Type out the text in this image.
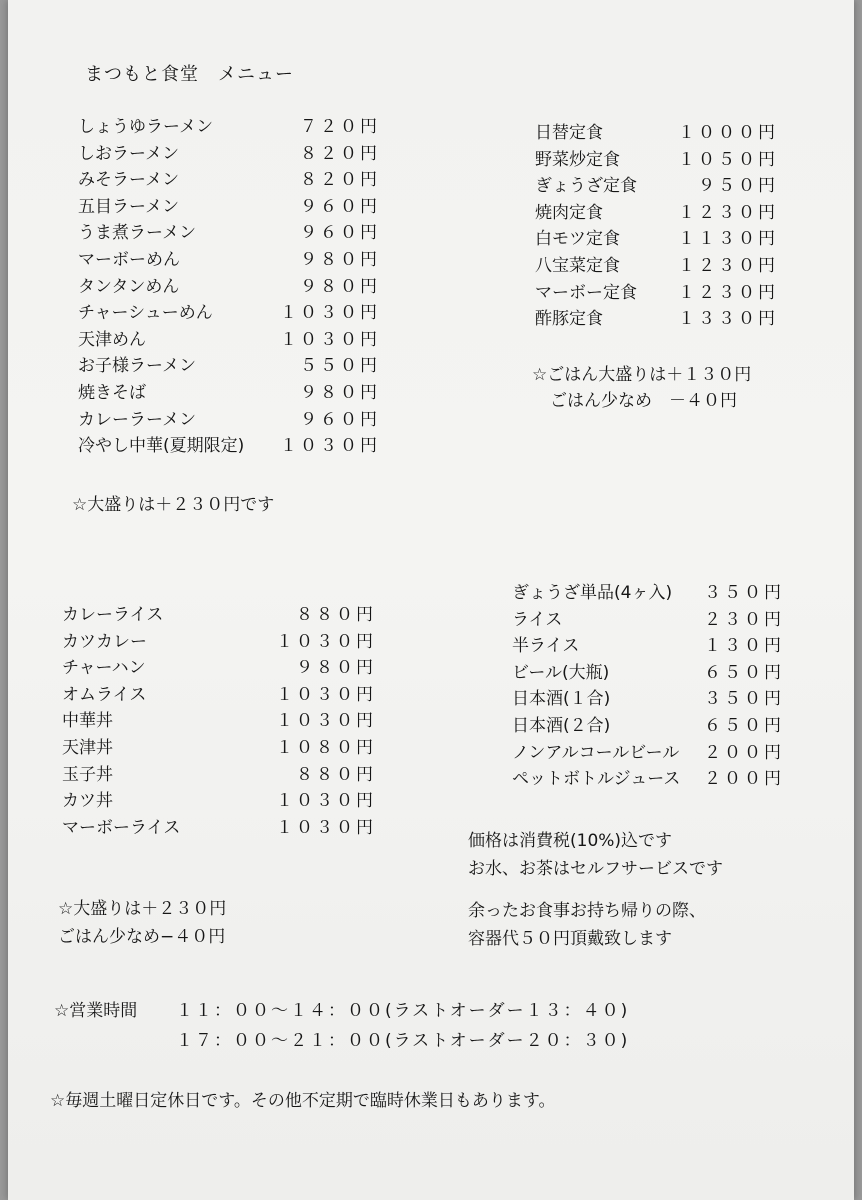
まつもと食堂　メニュー
しょうゆラーメン	７２０円
しおラーメン	８２０円
みそラーメン	８２０円
五目ラーメン	９６０円
うま煮ラーメン	９６０円
マーボーめん	９８０円
タンタンめん	９８０円
チャーシューめん	１０３０円
天津めん	１０３０円
お子様ラーメン	５５０円
焼きそば	９８０円
カレーラーメン	９６０円
冷やし中華(夏期限定) １０３０円
☆大盛りは＋２３０円です
日替定食	１０００円
野菜炒定食	１０５０円
ぎょうざ定食	９５０円
焼肉定食	１２３０円
白モツ定食	１１３０円
八宝菜定食	１２３０円
マーボー定食 １２３０円
酢豚定食	１３３０円
☆ごはん大盛りは＋１３０円
ごはん少なめ　－４０円
カレーライス	８８０円
カツカレー	１０３０円
チャーハン	９８０円
オムライス	１０３０円
中華丼	１０３０円
天津丼	１０８０円
玉子丼	８８０円
カツ丼	１０３０円
マーボーライス	１０３０円
☆大盛りは＋２３０円
ごはん少なめ−４０円
ぎょうざ単品(4ヶ入) ３５０円
ライス	２３０円
半ライス	１３０円
ビール(大瓶)	６５０円
日本酒(１合)	３５０円
日本酒(２合)	６５０円
ノンアルコールビール ２００円
ペットボトルジュース ２００円
価格は消費税(10%)込です
お水、お茶はセルフサービスです
余ったお食事お持ち帰りの際、
容器代５０円頂戴致します
☆営業時間 １１：００〜１４：００(ラストオーダー１３：４０)
１７：００〜２１：００(ラストオーダー２０：３０)
☆毎週土曜日定休日です。その他不定期で臨時休業日もあります。
